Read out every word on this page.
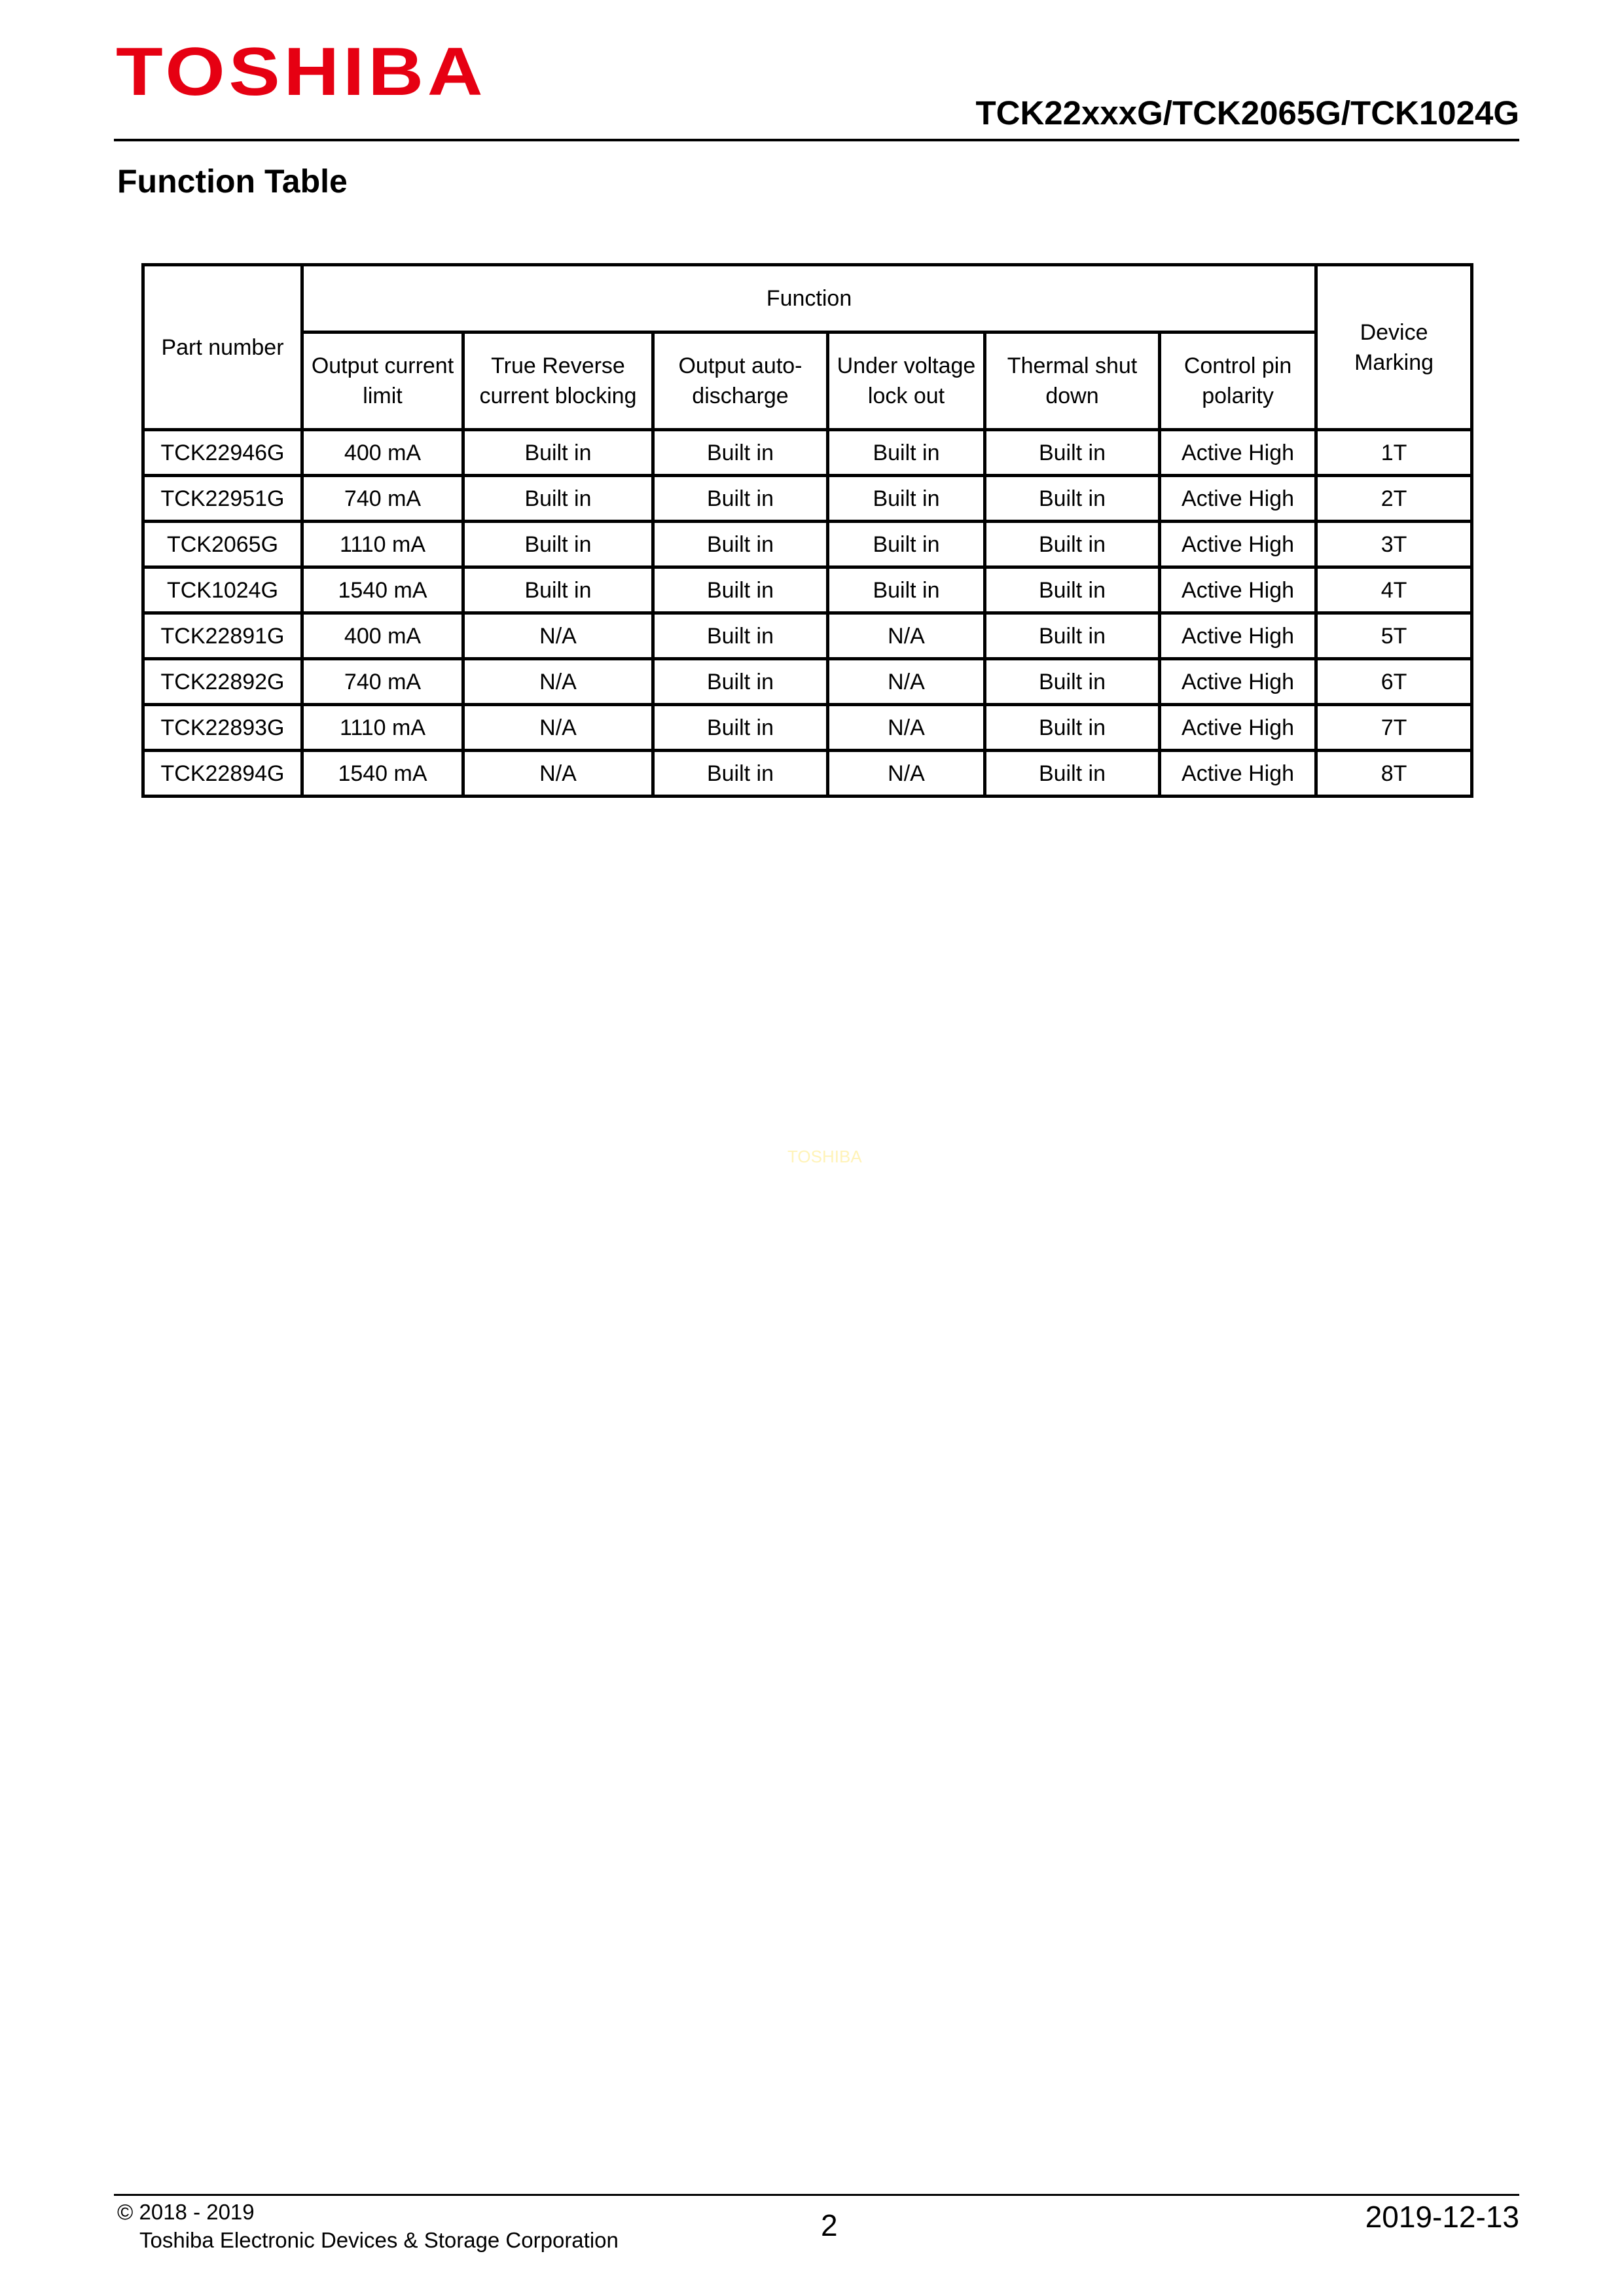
TOSHIBA
TCK22xxxG/TCK2065G/TCK1024G
Function Table
Part number	Function						Device Marking
	Output current limit	True Reverse current blocking	Output auto-discharge	Under voltage lock out	Thermal shut down	Control pin polarity	
TCK22946G	400 mA	Built in	Built in	Built in	Built in	Active High	1T
TCK22951G	740 mA	Built in	Built in	Built in	Built in	Active High	2T
TCK2065G	1110 mA	Built in	Built in	Built in	Built in	Active High	3T
TCK1024G	1540 mA	Built in	Built in	Built in	Built in	Active High	4T
TCK22891G	400 mA	N/A	Built in	N/A	Built in	Active High	5T
TCK22892G	740 mA	N/A	Built in	N/A	Built in	Active High	6T
TCK22893G	1110 mA	N/A	Built in	N/A	Built in	Active High	7T
TCK22894G	1540 mA	N/A	Built in	N/A	Built in	Active High	8T
TOSHIBA
© 2018 - 2019
Toshiba Electronic Devices & Storage Corporation	2	2019-12-13
